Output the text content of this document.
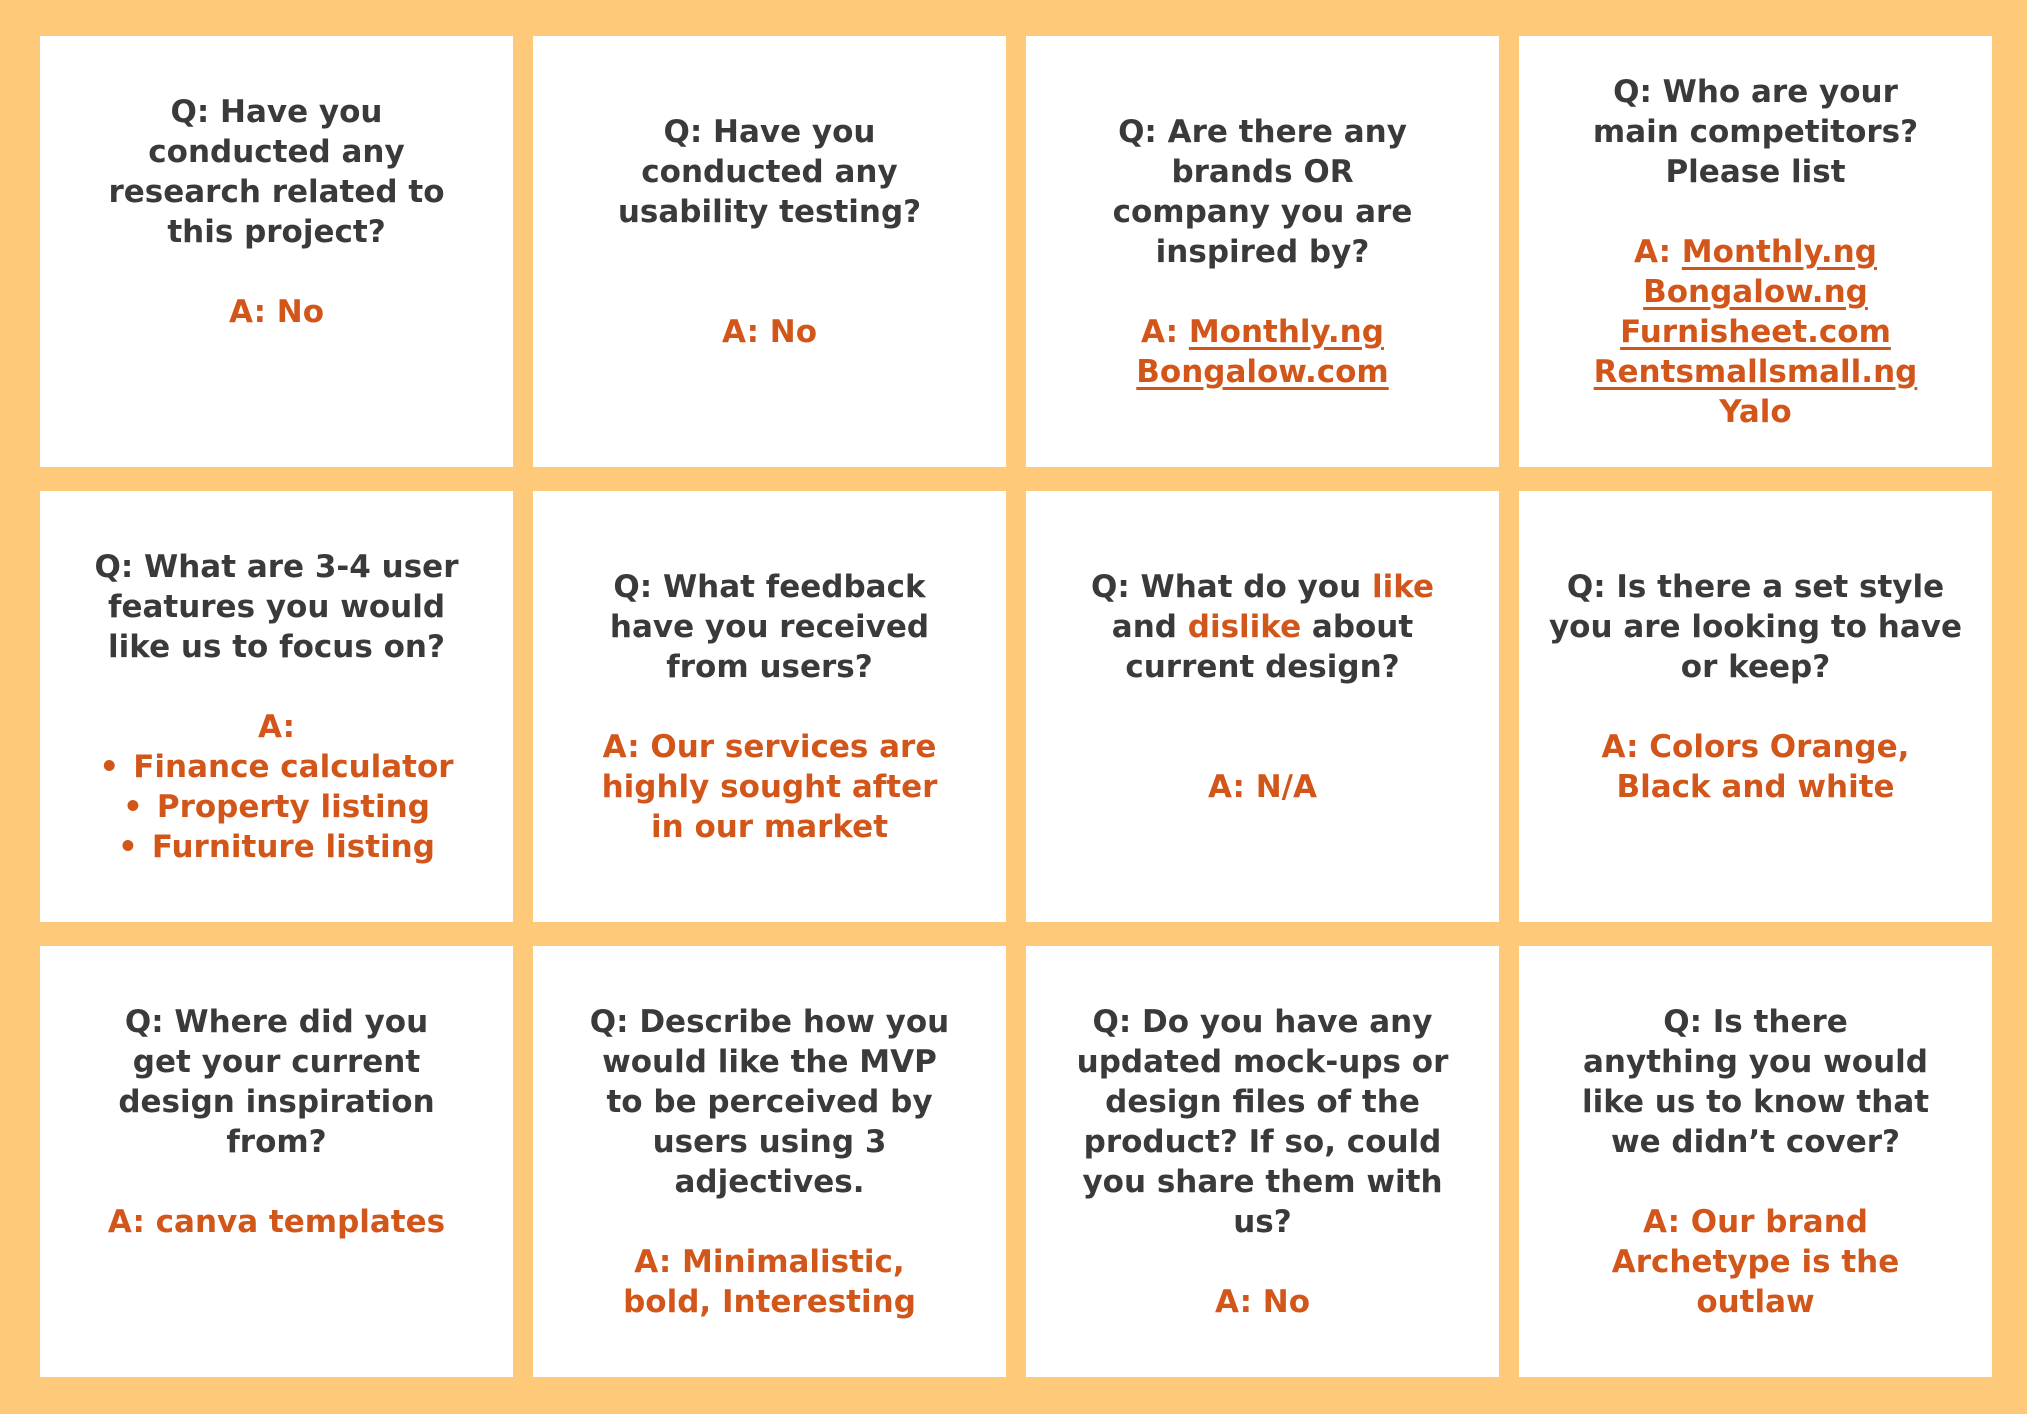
Q: Have you conducted any research related to this project?

A: No

Q: Have you conducted any usability testing?

A: No

Q: Are there any brands OR company you are inspired by?

A: Monthly.ng
Bongalow.com

Q: Who are your main competitors? Please list

A: Monthly.ng
Bongalow.ng
Furnisheet.com
Rentsmallsmall.ng
Yalo

Q: What are 3-4 user features you would like us to focus on?

A:

• Finance calculator
• Property listing
• Furniture listing

Q: What feedback have you received from users?

A: Our services are highly sought after in our market

Q: What do you like and dislike about current design?

A: N/A

Q: Is there a set style you are looking to have or keep?

A: Colors Orange, Black and white

Q: Where did you get your current design inspiration from?

A: canva templates

Q: Describe how you would like the MVP to be perceived by users using 3 adjectives.

A: Minimalistic, bold, Interesting

Q: Do you have any updated mock-ups or design files of the product? If so, could you share them with us?

A: No

Q: Is there anything you would like us to know that we didn’t cover?

A: Our brand Archetype is the outlaw
